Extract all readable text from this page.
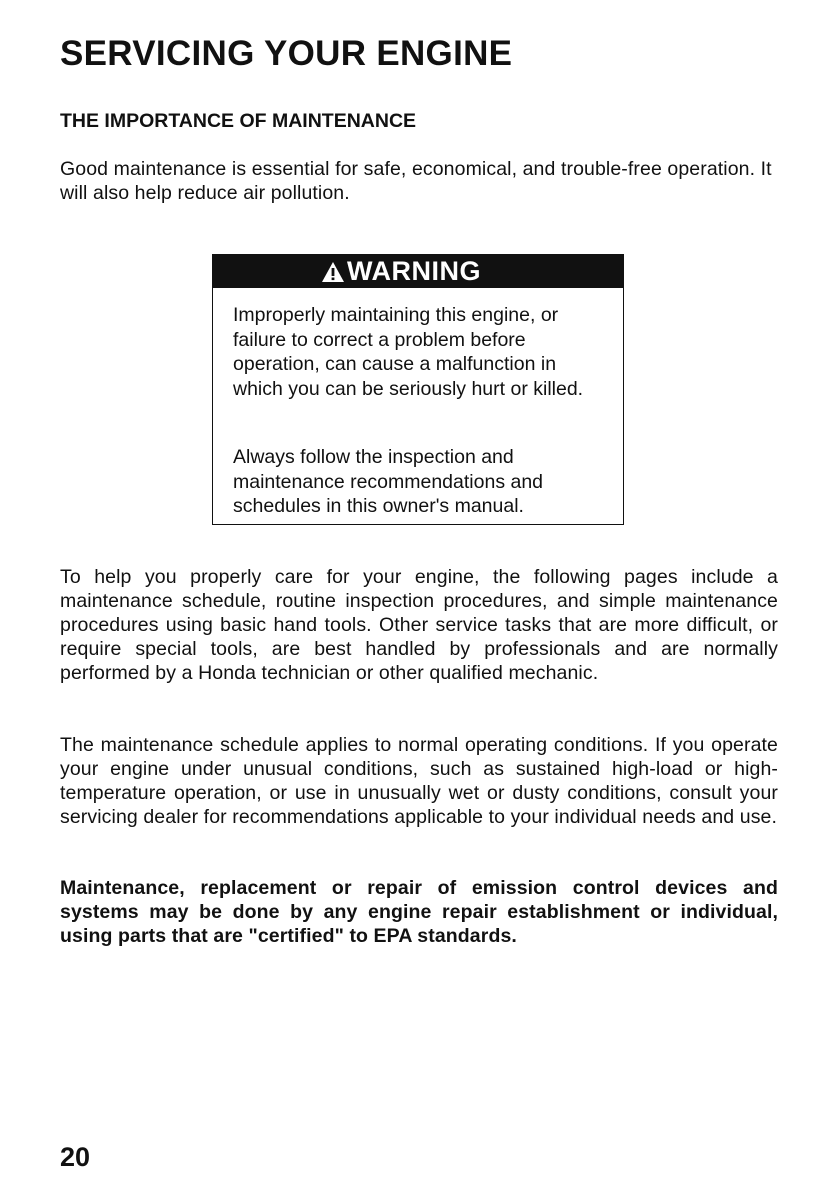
SERVICING YOUR ENGINE
THE IMPORTANCE OF MAINTENANCE

Good maintenance is essential for safe, economical, and trouble-free operation. It will also help reduce air pollution.

WARNING

Improperly maintaining this engine, or failure to correct a problem before operation, can cause a malfunction in which you can be seriously hurt or killed.

Always follow the inspection and maintenance recommendations and schedules in this owner's manual.

To help you properly care for your engine, the following pages include a maintenance schedule, routine inspection procedures, and simple maintenance procedures using basic hand tools. Other service tasks that are more difficult, or require special tools, are best handled by professionals and are normally performed by a Honda technician or other qualified mechanic.

The maintenance schedule applies to normal operating conditions. If you operate your engine under unusual conditions, such as sustained high-load or high-temperature operation, or use in unusually wet or dusty conditions, consult your servicing dealer for recommendations applicable to your individual needs and use.

Maintenance, replacement or repair of emission control devices and systems may be done by any engine repair establishment or individual, using parts that are "certified" to EPA standards.

20
